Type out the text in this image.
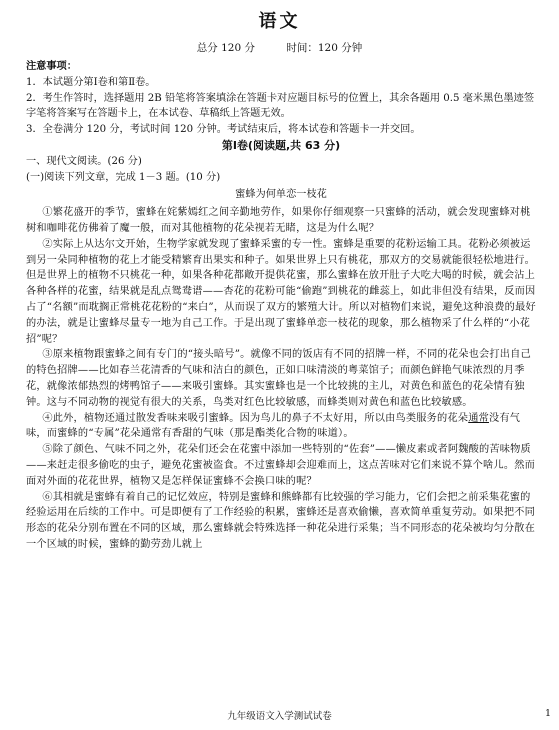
语文
总分 120 分	时间：120 分钟

注意事项：

1．本试题分第Ⅰ卷和第Ⅱ卷。

2．考生作答时，选择题用 2B 铅笔将答案填涂在答题卡对应题目标号的位置上，其余各题用 0.5 毫米黑色墨迹签字笔将答案写在答题卡上，在本试卷、草稿纸上答题无效。

3．全卷满分 120 分，考试时间 120 分钟。考试结束后，将本试卷和答题卡一并交回。

第Ⅰ卷(阅读题,共 63 分)

一、现代文阅读。(26 分)

(一)阅读下列文章，完成 1－3 题。(10 分)

蜜蜂为何单恋一枝花

①繁花盛开的季节，蜜蜂在姹紫嫣红之间辛勤地劳作，如果你仔细观察一只蜜蜂的活动，就会发现蜜蜂对桃树和咖啡花仿佛着了魔一般，而对其他植物的花朵视若无睹，这是为什么呢？

②实际上从达尔文开始，生物学家就发现了蜜蜂采蜜的专一性。蜜蜂是重要的花粉运输工具。花粉必须被运到另一朵同种植物的花上才能受精繁育出果实和种子。如果世界上只有桃花，那双方的交易就能很轻松地进行。但是世界上的植物不只桃花一种，如果各种花都敞开提供花蜜，那么蜜蜂在放开肚子大吃大喝的时候，就会沾上各种各样的花蜜，结果就是乱点鸳鸯谱——杏花的花粉可能“偷跑”到桃花的雌蕊上，如此非但没有结果，反而因占了“名额”而耽搁正常桃花花粉的“来白”，从而误了双方的繁殖大计。所以对植物们来说，避免这种浪费的最好的办法，就是让蜜蜂尽量专一地为自己工作。于是出现了蜜蜂单恋一枝花的现象，那么植物采了什么样的“小花招”呢？

③原来植物跟蜜蜂之间有专门的“接头暗号”。就像不同的饭店有不同的招牌一样，不同的花朵也会打出自己的特色招牌——比如春兰花清香的气味和洁白的颜色，正如口味清淡的粤菜馆子；而颜色鲜艳气味浓烈的月季花，就像浓郁热烈的烤鸭馆子——来吸引蜜蜂。其实蜜蜂也是一个比较挑的主儿，对黄色和蓝色的花朵情有独钟。这与不同动物的视觉有很大的关系，鸟类对红色比较敏感，而蜂类则对黄色和蓝色比较敏感。

④此外，植物还通过散发香味来吸引蜜蜂。因为鸟儿的鼻子不太好用，所以由鸟类服务的花朵通常没有气味，而蜜蜂的“专属”花朵通常有香甜的气味（那是酯类化合物的味道）。

⑤除了颜色、气味不同之外，花朵们还会在花蜜中添加一些特别的“佐套”——懒皮素或者阿魏酸的苦味物质——来赶走很多偷吃的虫子，避免花蜜被盗食。不过蜜蜂却会迎难而上，这点苦味对它们来说不算个啥儿。然而面对外面的花花世界，植物又是怎样保证蜜蜂不会换口味的呢？

⑥其相就是蜜蜂有着自己的记忆效应，特别是蜜蜂和熊蜂都有比较强的学习能力，它们会把之前采集花蜜的经验运用在后续的工作中。可是即便有了工作经验的积累，蜜蜂还是喜欢偷懒，喜欢简单重复劳动。如果把不同形态的花朵分别布置在不同的区域，那么蜜蜂就会特殊选择一种花朵进行采集；当不同形态的花朵被均匀分散在一个区域的时候，蜜蜂的勤劳劲儿就上

九年级语文入学测试试卷	1
